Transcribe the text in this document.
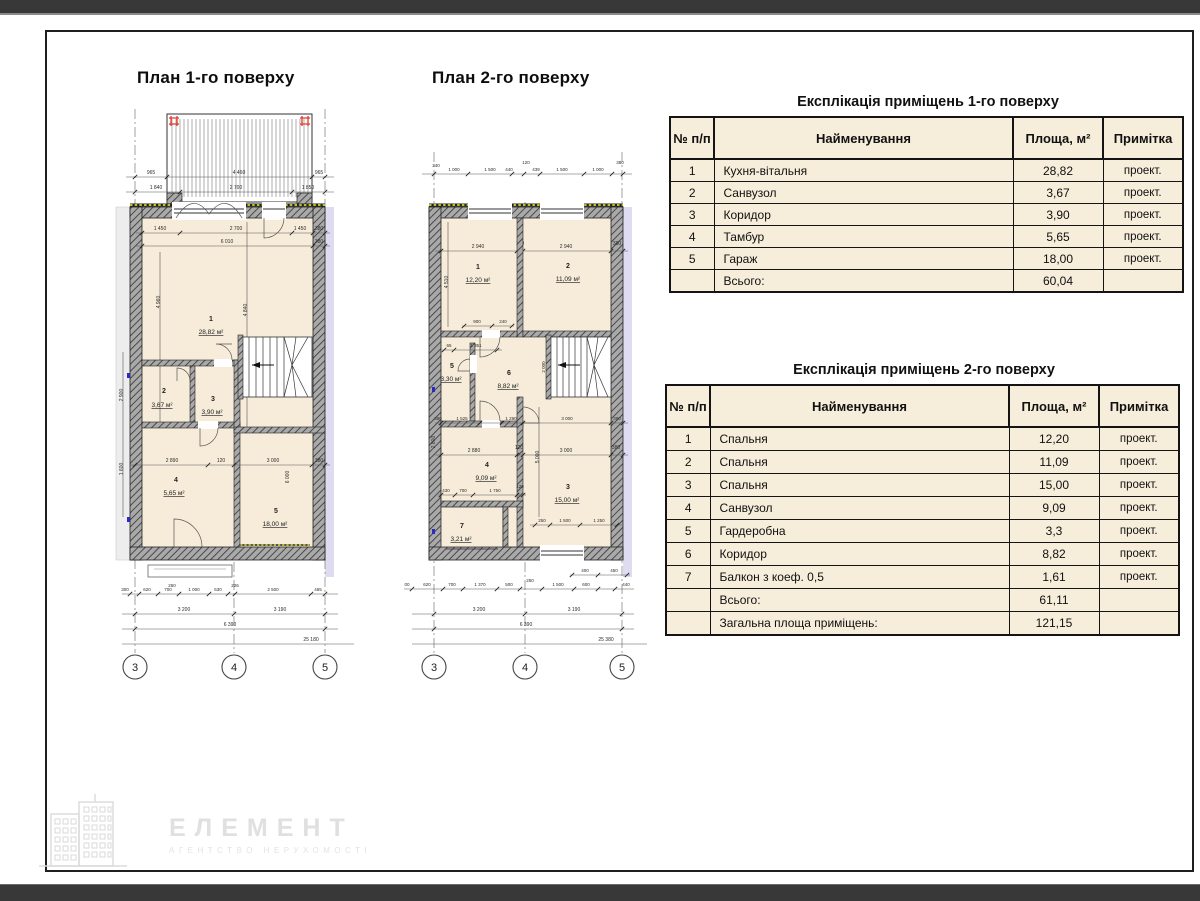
План 1-го поверху	План 2-го поверху
965	4 460	965
1 840	2 700	1 850
1 450	2 700	1 450 380
6 010	380
4 960
4 840
6 000
2 900
1 600
1
28,82 м²
2
3,67 м²
3
3,90 м²
4
5,65 м²
5
18,00 м²
2 890	120	3 000	380
250
300	620	700	1 000	630
226
2 500	465
3 200	3 190
6 390
25 180
3	4	5
340
1 000	1 500 440
120
439	1 500	1 000
380
2 940	2 940	380
4 510
2 800
5 000
2 000
1
12,20 м²
2
11,09 м²
5
3,30 м²
6
8,82 м²
4
9,09 м²
3
15,00 м²
7
3,21 м²
900	240
65	1 351
380	1 525	1 290	3 000	380
2 880	120	3 000	380
430 700	1 750
120
250	1 500	1 250
400	450
00	620	700	1 370	500
250
1 500	600	440
3 200	3 190
6 390
25 380
3	4	5
Експлікація приміщень 1-го поверху
№ п/п	Найменування	Площа, м²	Примітка
1	Кухня-вітальня	28,82	проект.
2	Санвузол	3,67	проект.
3	Коридор	3,90	проект.
4	Тамбур	5,65	проект.
5	Гараж	18,00	проект.
	Всього:	60,04	
Експлікація приміщень 2-го поверху
№ п/п	Найменування	Площа, м²	Примітка
1	Спальня	12,20	проект.
2	Спальня	11,09	проект.
3	Спальня	15,00	проект.
4	Санвузол	9,09	проект.
5	Гардеробна	3,3	проект.
6	Коридор	8,82	проект.
7	Балкон з коеф. 0,5	1,61	проект.
	Всього:	61,11	
	Загальна площа приміщень:	121,15	
ЕЛЕМЕНТ
АГЕНТСТВО НЕРУХОМОСТІ
